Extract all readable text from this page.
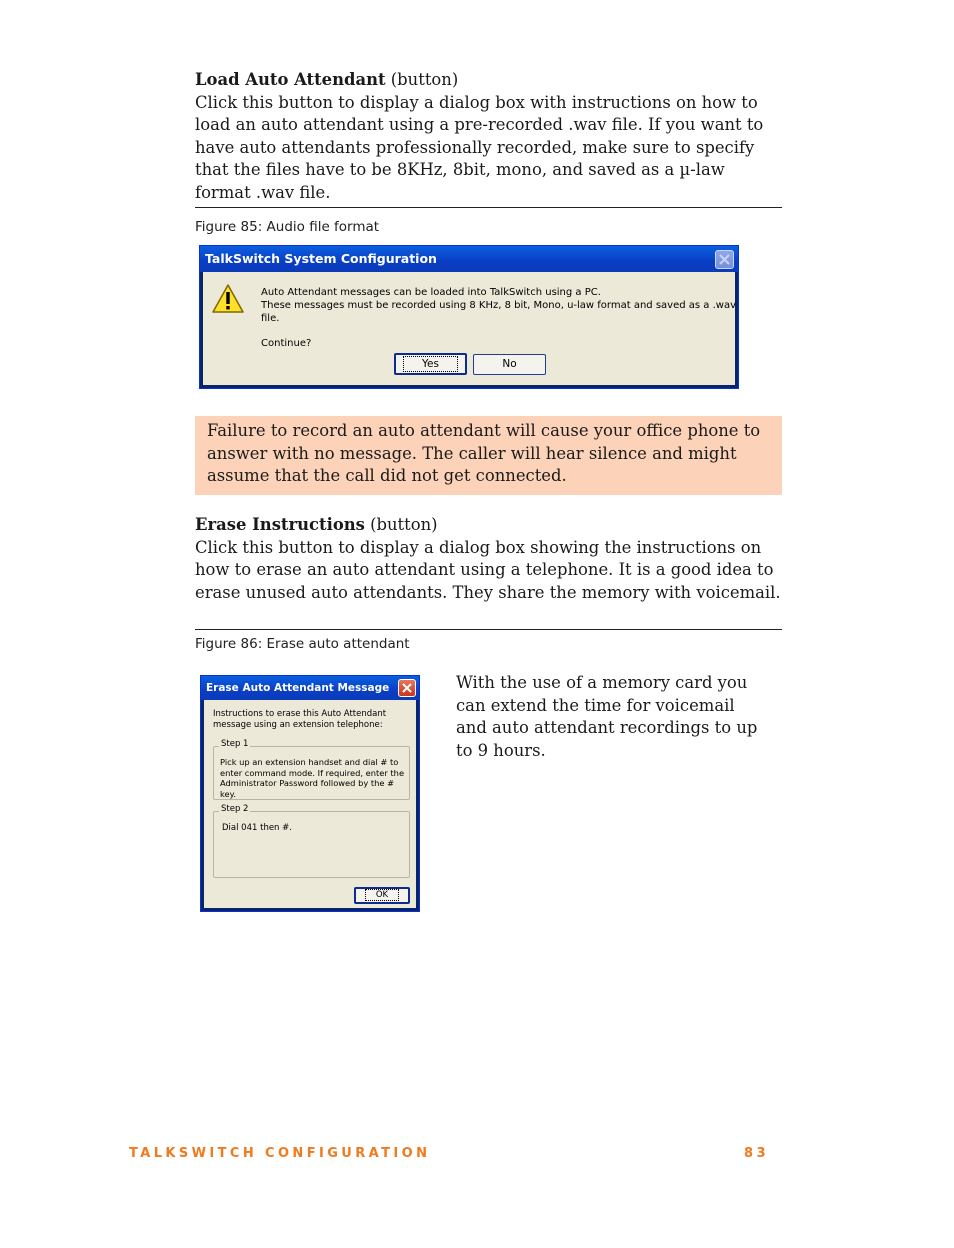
Load Auto Attendant (button)
Click this button to display a dialog box with instructions on how to load an auto attendant using a pre-recorded .wav file. If you want to have auto attendants professionally recorded, make sure to specify that the files have to be 8KHz, 8bit, mono, and saved as a µ-law format .wav file.
Figure 85: Audio file format
TalkSwitch System Configuration
Auto Attendant messages can be loaded into TalkSwitch using a PC.
These messages must be recorded using 8 KHz, 8 bit, Mono, u-law format and saved as a .wav file.
Continue?
Yes	No
Failure to record an auto attendant will cause your office phone to answer with no message. The caller will hear silence and might assume that the call did not get connected.
Erase Instructions (button)
Click this button to display a dialog box showing the instructions on how to erase an auto attendant using a telephone. It is a good idea to erase unused auto attendants. They share the memory with voicemail.
Figure 86: Erase auto attendant
Erase Auto Attendant Message
Instructions to erase this Auto Attendant message using an extension telephone:
Step 1
Pick up an extension handset and dial # to enter command mode. If required, enter the Administrator Password followed by the # key.
Step 2
Dial 041 then #.
OK
With the use of a memory card you can extend the time for voicemail and auto attendant recordings to up to 9 hours.
TALKSWITCH CONFIGURATION	83
